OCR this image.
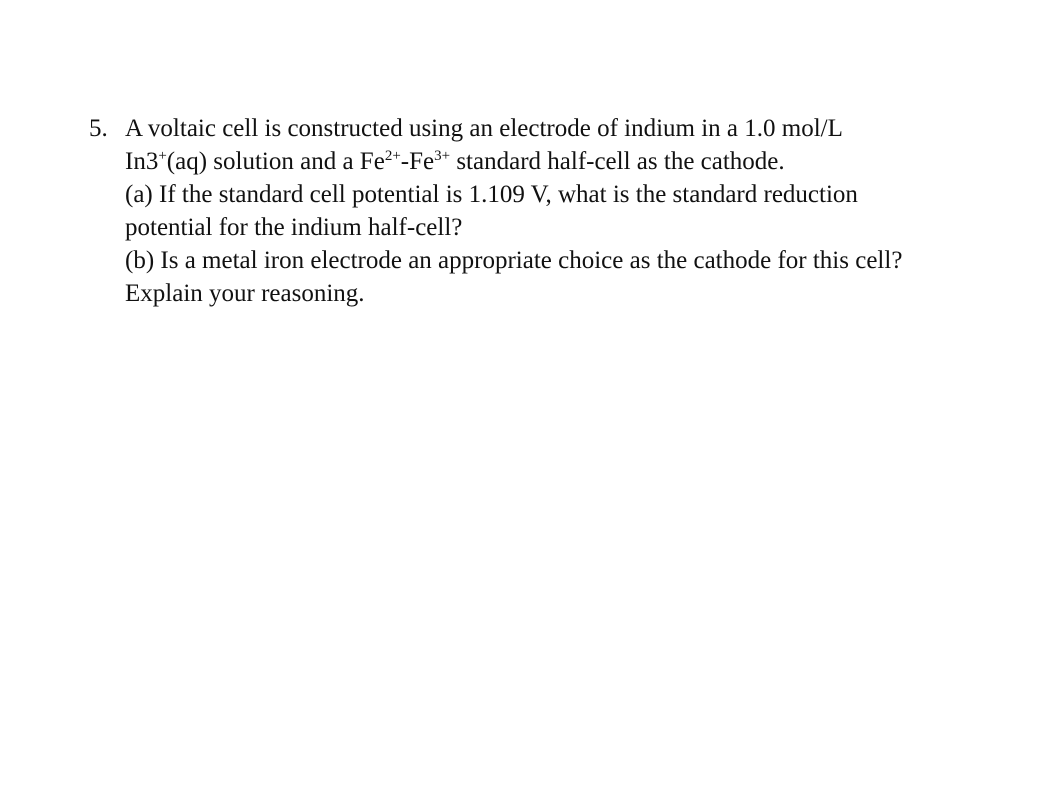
5. A voltaic cell is constructed using an electrode of indium in a 1.0 mol/L
In3+(aq) solution and a $Fe^{2+}-Fe^{3+}$ standard half-cell as the cathode.
(a) If the standard cell potential is 1.109 V, what is the standard reduction
potential for the indium half-cell?
(b) Is a metal iron electrode an appropriate choice as the cathode for this cell?
Explain your reasoning.
